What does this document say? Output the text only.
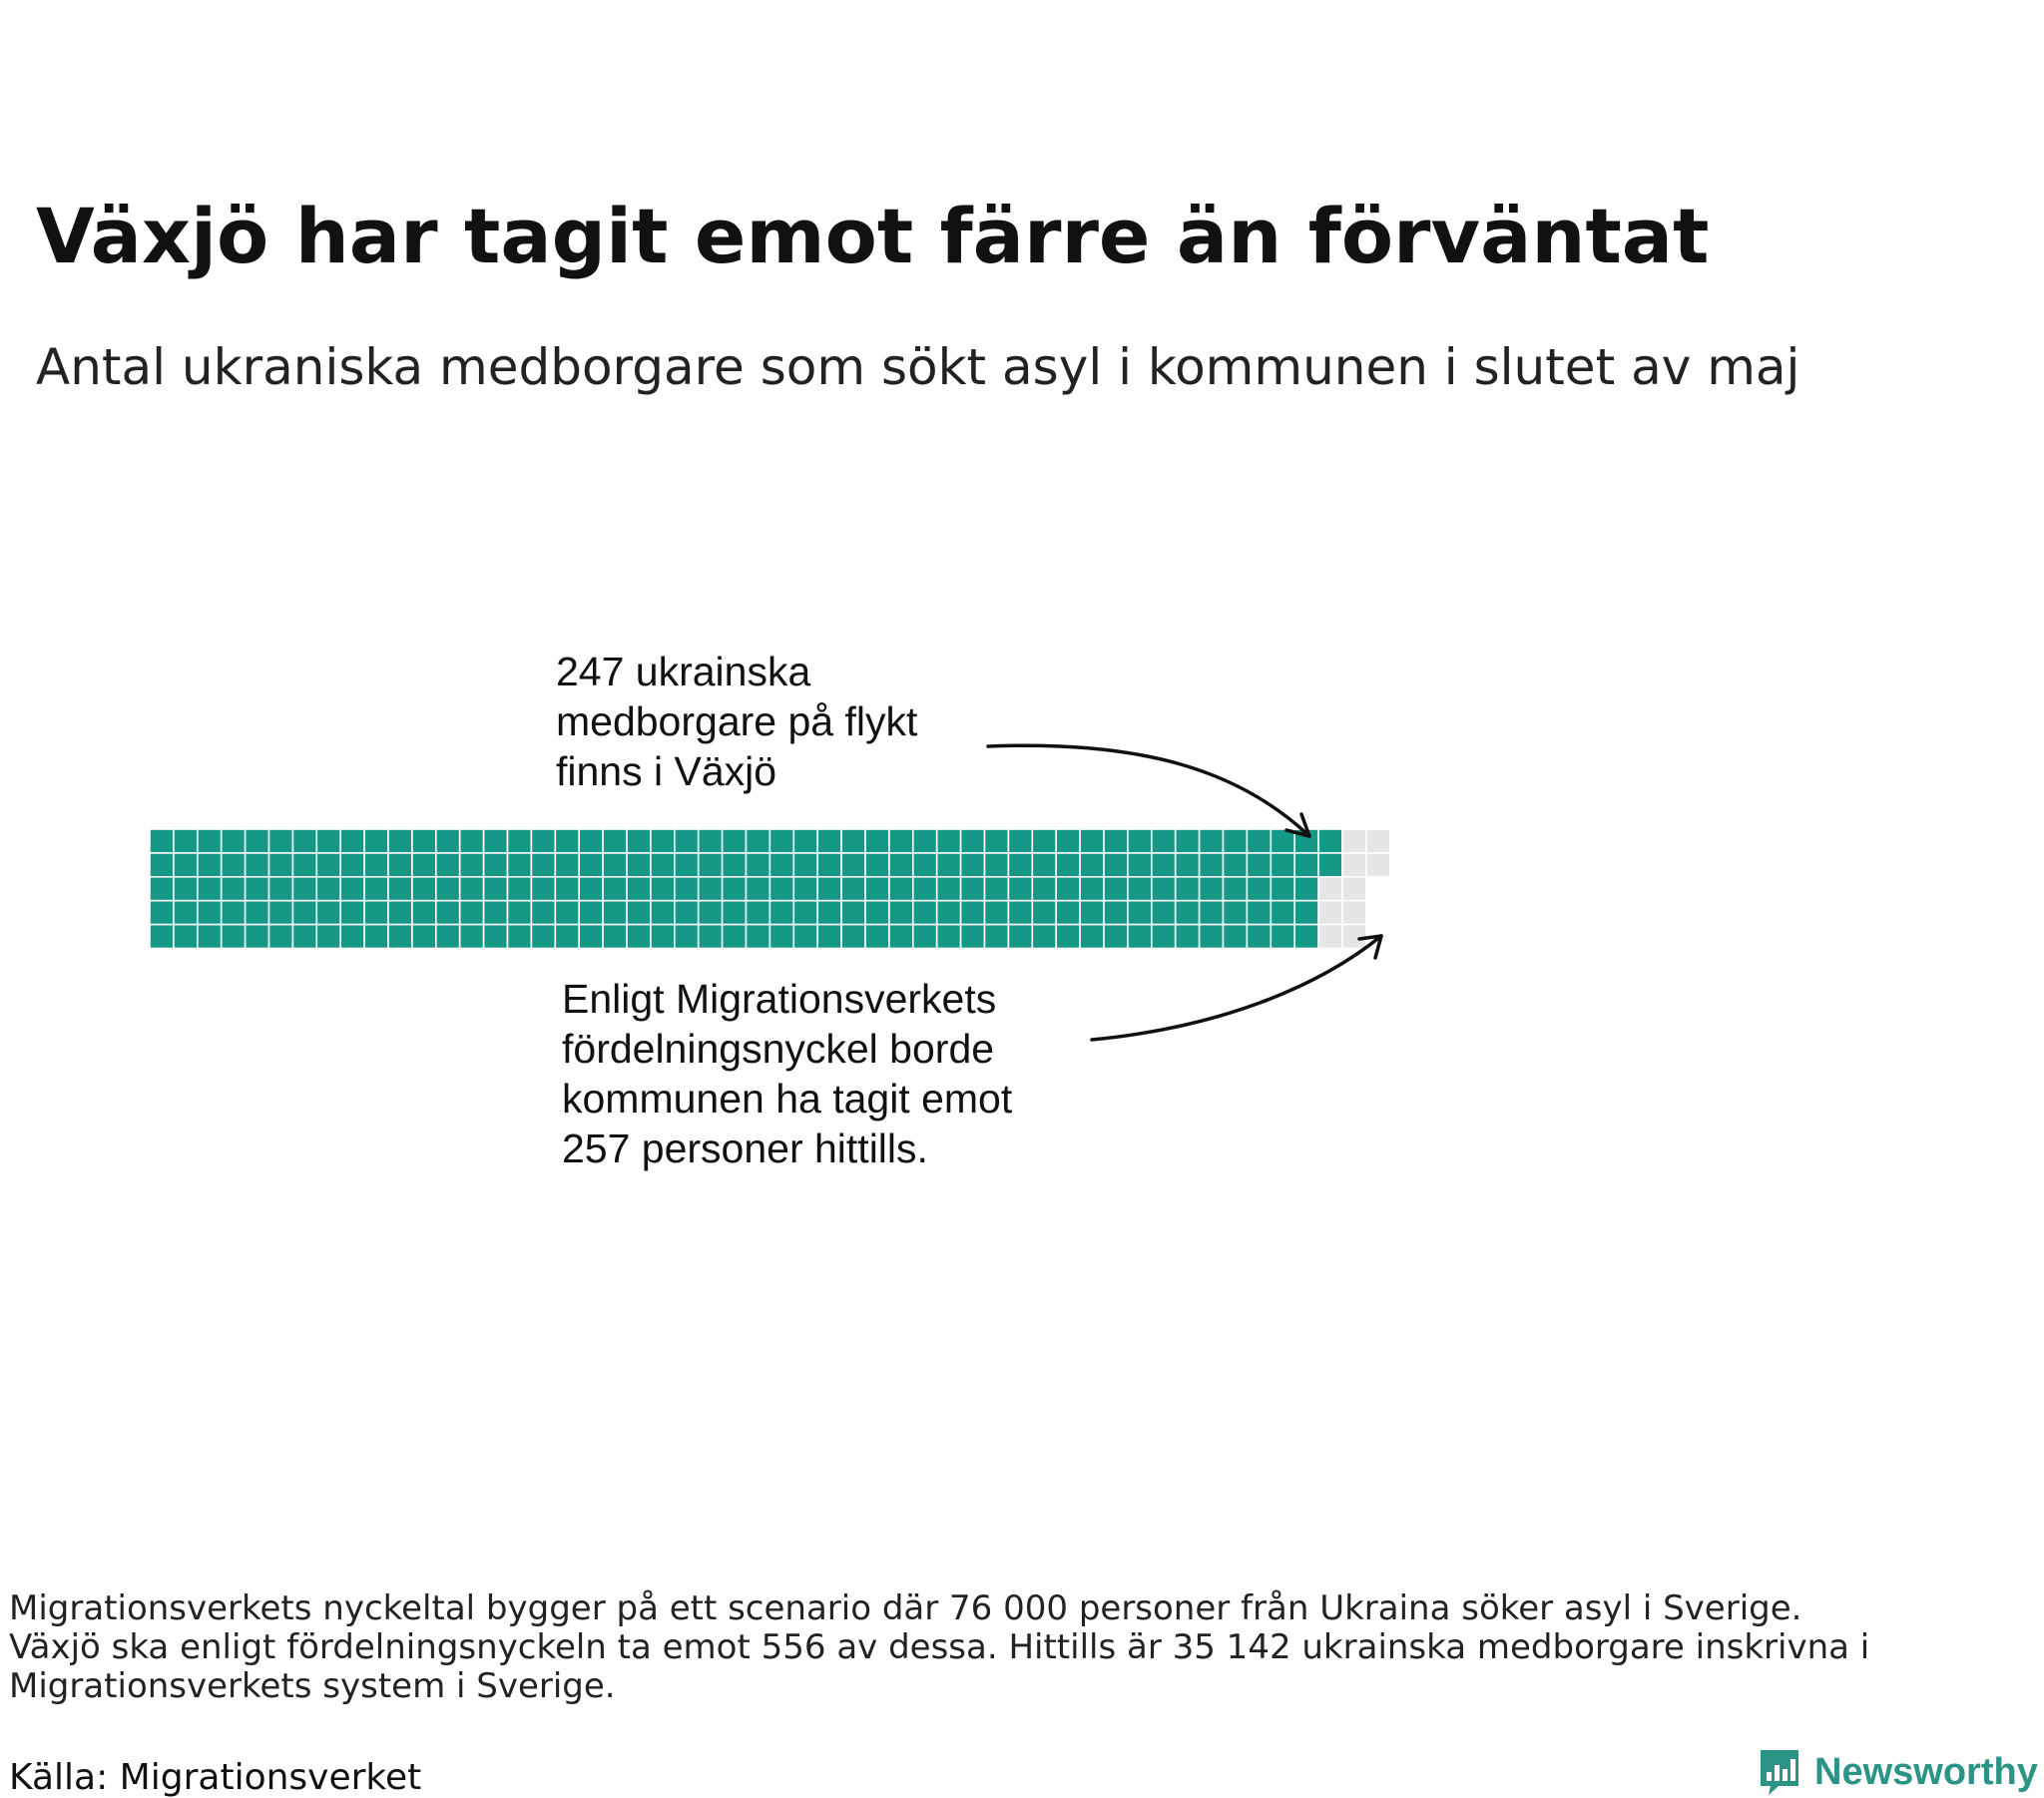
Växjö har tagit emot färre än förväntat
Antal ukraniska medborgare som sökt asyl i kommunen i slutet av maj
247 ukrainska medborgare på flykt finns i Växjö
Enligt Migrationsverkets fördelningsnyckel borde kommunen ha tagit emot 257 personer hittills.

Migrationsverkets nyckeltal bygger på ett scenario där 76 000 personer från Ukraina söker asyl i Sverige.
Växjö ska enligt fördelningsnyckeln ta emot 556 av dessa. Hittills är 35 142 ukrainska medborgare inskrivna i
Migrationsverkets system i Sverige.

Källa: Migrationsverket	Newsworthy
